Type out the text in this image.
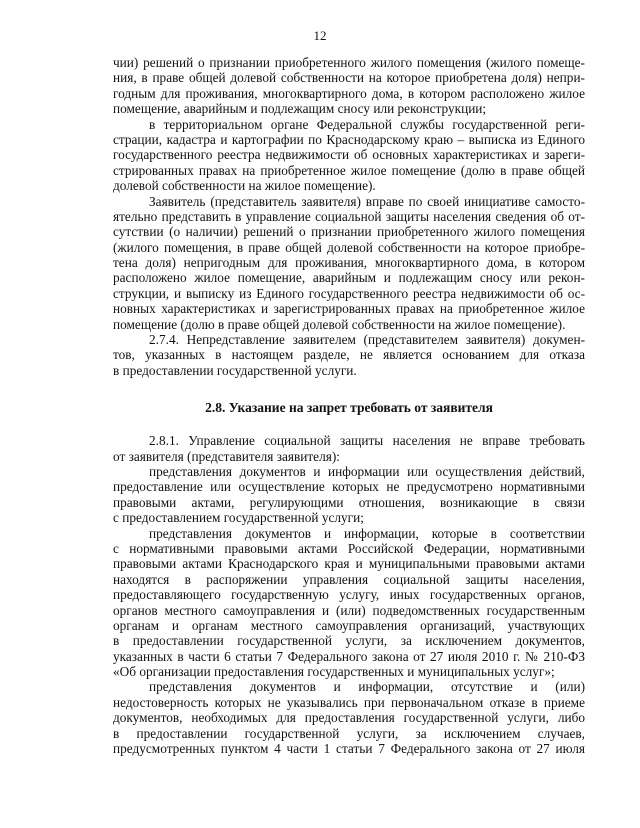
12
чии) решений о признании приобретенного жилого помещения (жилого помеще-
ния, в праве общей долевой собственности на которое приобретена доля) непри-
годным для проживания, многоквартирного дома, в котором расположено жилое
помещение, аварийным и подлежащим сносу или реконструкции;
в территориальном органе Федеральной службы государственной реги-
страции, кадастра и картографии по Краснодарскому краю – выписка из Единого
государственного реестра недвижимости об основных характеристиках и зареги-
стрированных правах на приобретенное жилое помещение (долю в праве общей
долевой собственности на жилое помещение).
Заявитель (представитель заявителя) вправе по своей инициативе самосто-
ятельно представить в управление социальной защиты населения сведения об от-
сутствии (о наличии) решений о признании приобретенного жилого помещения
(жилого помещения, в праве общей долевой собственности на которое приобре-
тена доля) непригодным для проживания, многоквартирного дома, в котором
расположено жилое помещение, аварийным и подлежащим сносу или рекон-
струкции, и выписку из Единого государственного реестра недвижимости об ос-
новных характеристиках и зарегистрированных правах на приобретенное жилое
помещение (долю в праве общей долевой собственности на жилое помещение).
2.7.4. Непредставление заявителем (представителем заявителя) докумен-
тов, указанных в настоящем разделе, не является основанием для отказа
в предоставлении государственной услуги.
2.8. Указание на запрет требовать от заявителя
2.8.1. Управление социальной защиты населения не вправе требовать
от заявителя (представителя заявителя):
представления документов и информации или осуществления действий,
предоставление или осуществление которых не предусмотрено нормативными
правовыми актами, регулирующими отношения, возникающие в связи
с предоставлением государственной услуги;
представления документов и информации, которые в соответствии
с нормативными правовыми актами Российской Федерации, нормативными
правовыми актами Краснодарского края и муниципальными правовыми актами
находятся в распоряжении управления социальной защиты населения,
предоставляющего государственную услугу, иных государственных органов,
органов местного самоуправления и (или) подведомственных государственным
органам и органам местного самоуправления организаций, участвующих
в предоставлении государственной услуги, за исключением документов,
указанных в части 6 статьи 7 Федерального закона от 27 июля 2010 г. № 210-ФЗ
«Об организации предоставления государственных и муниципальных услуг»;
представления документов и информации, отсутствие и (или)
недостоверность которых не указывались при первоначальном отказе в приеме
документов, необходимых для предоставления государственной услуги, либо
в предоставлении государственной услуги, за исключением случаев,
предусмотренных пунктом 4 части 1 статьи 7 Федерального закона от 27 июля
